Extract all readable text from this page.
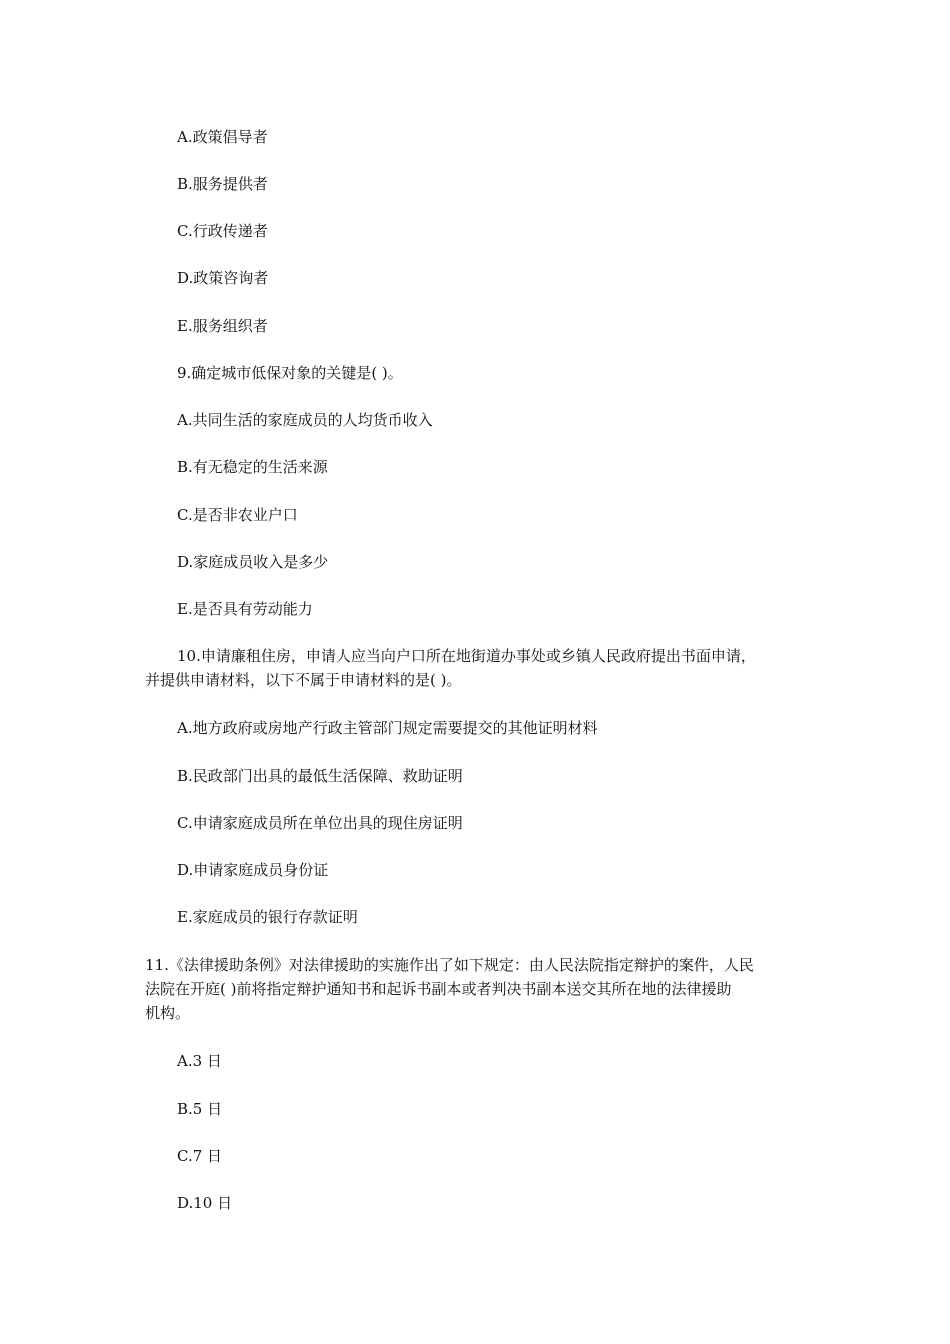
A.政策倡导者
B.服务提供者
C.行政传递者
D.政策咨询者
E.服务组织者
9.确定城市低保对象的关键是( )。
A.共同生活的家庭成员的人均货币收入
B.有无稳定的生活来源
C.是否非农业户口
D.家庭成员收入是多少
E.是否具有劳动能力
10.申请廉租住房，申请人应当向户口所在地街道办事处或乡镇人民政府提出书面申请，
并提供申请材料，以下不属于申请材料的是( )。
A.地方政府或房地产行政主管部门规定需要提交的其他证明材料
B.民政部门出具的最低生活保障、救助证明
C.申请家庭成员所在单位出具的现住房证明
D.申请家庭成员身份证
E.家庭成员的银行存款证明
11.《法律援助条例》对法律援助的实施作出了如下规定：由人民法院指定辩护的案件，人民
法院在开庭( )前将指定辩护通知书和起诉书副本或者判决书副本送交其所在地的法律援助
机构。
A.3 日
B.5 日
C.7 日
D.10 日
